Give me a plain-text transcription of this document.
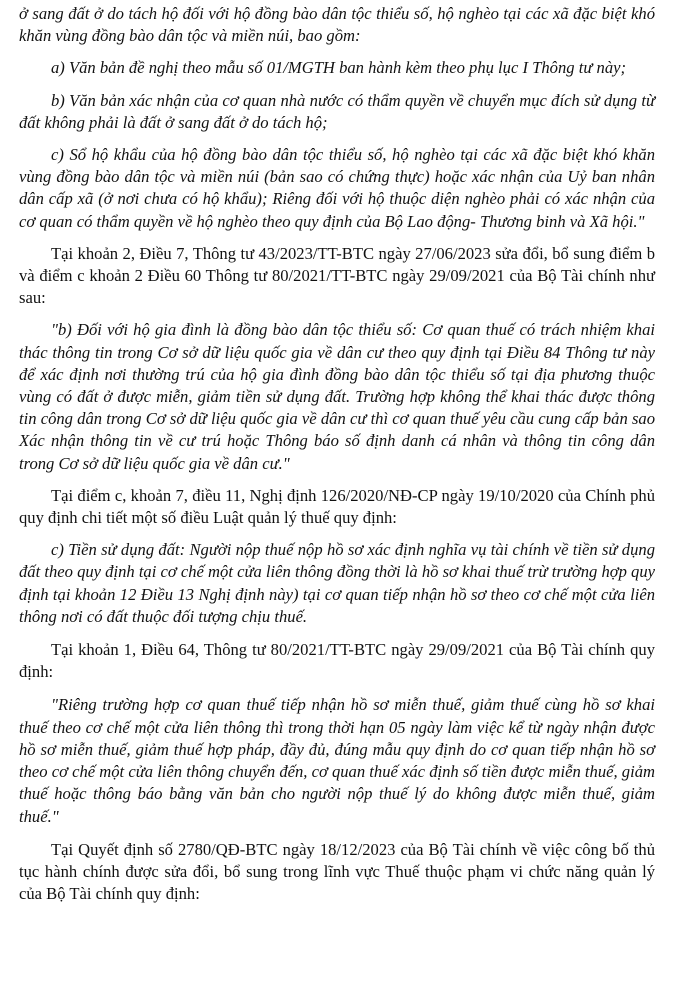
ở sang đất ở do tách hộ đối với hộ đồng bào dân tộc thiểu số, hộ nghèo tại các xã đặc biệt khó khăn vùng đồng bào dân tộc và miền núi, bao gồm:

a) Văn bản đề nghị theo mẫu số 01/MGTH ban hành kèm theo phụ lục I Thông tư này;

b) Văn bản xác nhận của cơ quan nhà nước có thẩm quyền về chuyển mục đích sử dụng từ đất không phải là đất ở sang đất ở do tách hộ;

c) Sổ hộ khẩu của hộ đồng bào dân tộc thiểu số, hộ nghèo tại các xã đặc biệt khó khăn vùng đồng bào dân tộc và miền núi (bản sao có chứng thực) hoặc xác nhận của Uỷ ban nhân dân cấp xã (ở nơi chưa có hộ khẩu); Riêng đối với hộ thuộc diện nghèo phải có xác nhận của cơ quan có thẩm quyền về hộ nghèo theo quy định của Bộ Lao động- Thương binh và Xã hội."

Tại khoản 2, Điều 7, Thông tư 43/2023/TT-BTC ngày 27/06/2023 sửa đổi, bổ sung điểm b và điểm c khoản 2 Điều 60 Thông tư 80/2021/TT-BTC ngày 29/09/2021 của Bộ Tài chính như sau:

"b) Đối với hộ gia đình là đồng bào dân tộc thiểu số: Cơ quan thuế có trách nhiệm khai thác thông tin trong Cơ sở dữ liệu quốc gia về dân cư theo quy định tại Điều 84 Thông tư này để xác định nơi thường trú của hộ gia đình đồng bào dân tộc thiểu số tại địa phương thuộc vùng có đất ở được miễn, giảm tiền sử dụng đất. Trường hợp không thể khai thác được thông tin công dân trong Cơ sở dữ liệu quốc gia về dân cư thì cơ quan thuế yêu cầu cung cấp bản sao Xác nhận thông tin về cư trú hoặc Thông báo số định danh cá nhân và thông tin công dân trong Cơ sở dữ liệu quốc gia về dân cư."

Tại điểm c, khoản 7, điều 11, Nghị định 126/2020/NĐ-CP ngày 19/10/2020 của Chính phủ quy định chi tiết một số điều Luật quản lý thuế quy định:

c) Tiền sử dụng đất: Người nộp thuế nộp hồ sơ xác định nghĩa vụ tài chính về tiền sử dụng đất theo quy định tại cơ chế một cửa liên thông đồng thời là hồ sơ khai thuế trừ trường hợp quy định tại khoản 12 Điều 13 Nghị định này) tại cơ quan tiếp nhận hồ sơ theo cơ chế một cửa liên thông nơi có đất thuộc đối tượng chịu thuế.

Tại khoản 1, Điều 64, Thông tư 80/2021/TT-BTC ngày 29/09/2021 của Bộ Tài chính quy định:

"Riêng trường hợp cơ quan thuế tiếp nhận hồ sơ miễn thuế, giảm thuế cùng hồ sơ khai thuế theo cơ chế một cửa liên thông thì trong thời hạn 05 ngày làm việc kể từ ngày nhận được hồ sơ miễn thuế, giảm thuế hợp pháp, đầy đủ, đúng mẫu quy định do cơ quan tiếp nhận hồ sơ theo cơ chế một cửa liên thông chuyển đến, cơ quan thuế xác định số tiền được miễn thuế, giảm thuế hoặc thông báo bằng văn bản cho người nộp thuế lý do không được miễn thuế, giảm thuế."

Tại Quyết định số 2780/QĐ-BTC ngày 18/12/2023 của Bộ Tài chính về việc công bố thủ tục hành chính được sửa đổi, bổ sung trong lĩnh vực Thuế thuộc phạm vi chức năng quản lý của Bộ Tài chính quy định:
